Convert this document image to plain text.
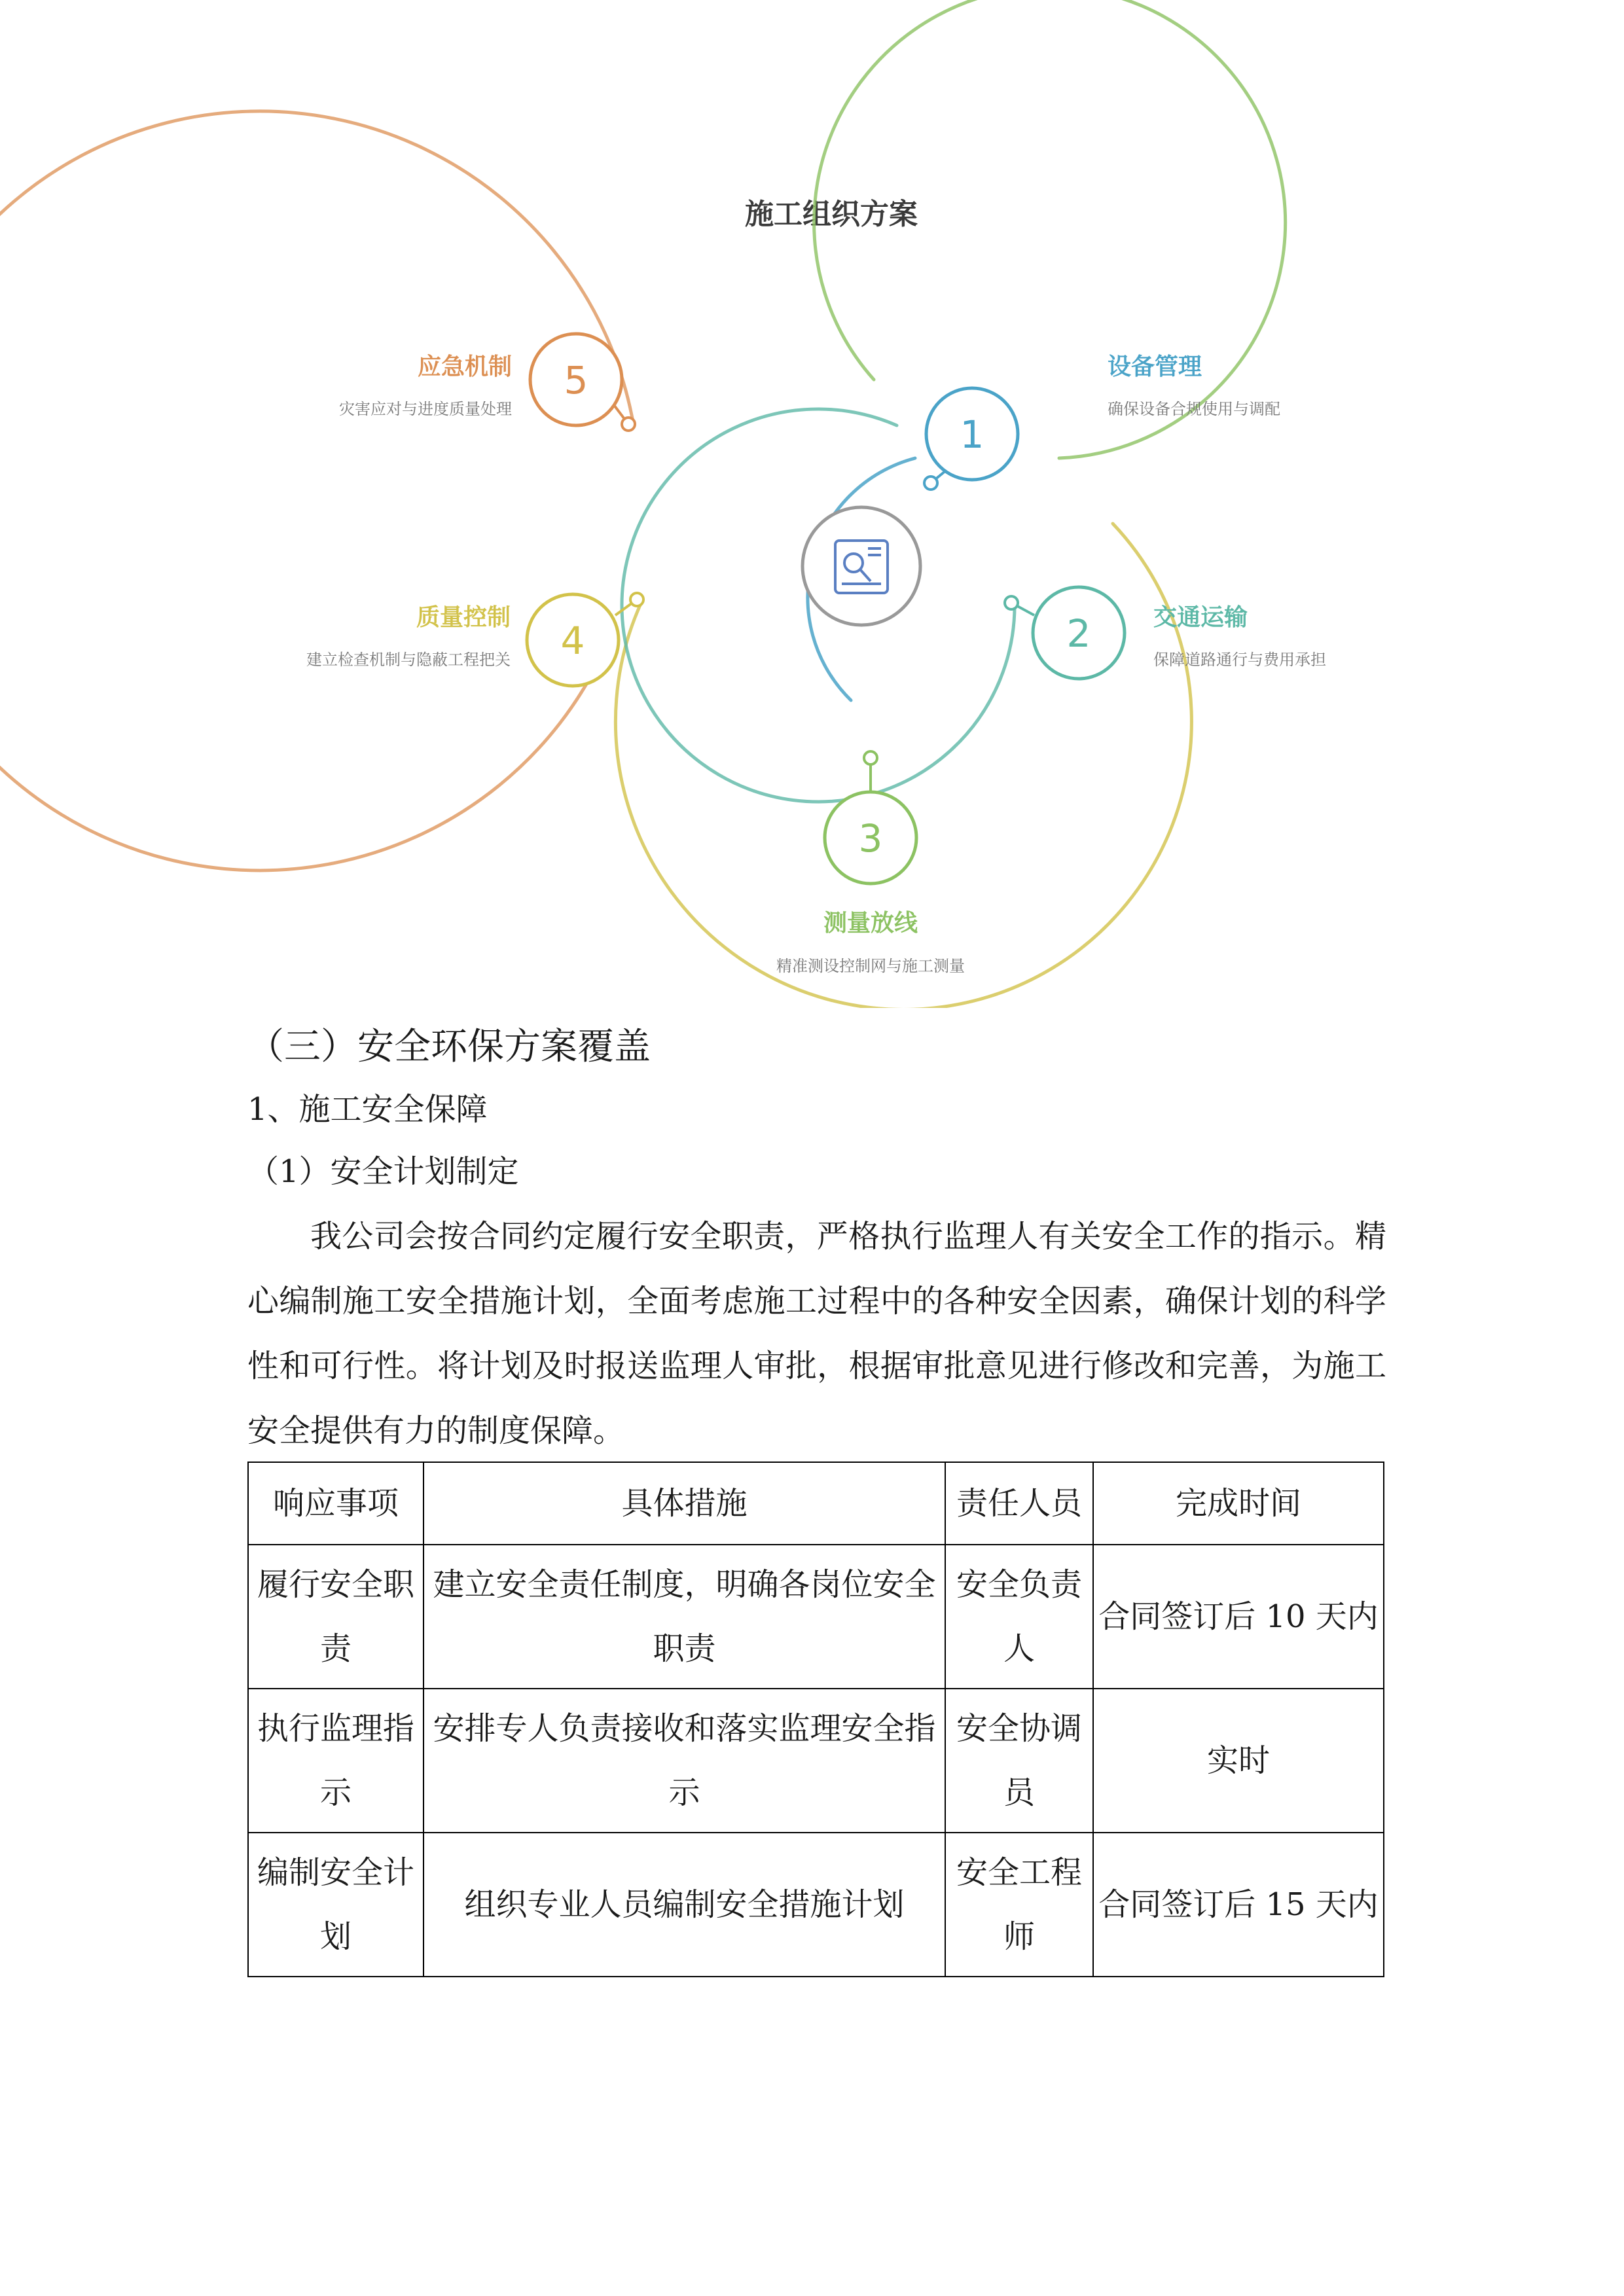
施工组织方案
1
设备管理
确保设备合规使用与调配
2	交通运输
保障道路通行与费用承担
3
测量放线
精准测设控制网与施工测量
4
质量控制
建立检查机制与隐蔽工程把关
5
应急机制
灾害应对与进度质量处理
（三）安全环保方案覆盖

1、施工安全保障

（1）安全计划制定

我公司会按合同约定履行安全职责，严格执行监理人有关安全工作的指示。精心编制施工安全措施计划，全面考虑施工过程中的各种安全因素，确保计划的科学性和可行性。将计划及时报送监理人审批，根据审批意见进行修改和完善，为施工安全提供有力的制度保障。

响应事项	具体措施	责任人员	完成时间
履行安全职责	建立安全责任制度，明确各岗位安全职责	安全负责人	合同签订后 10 天内
执行监理指示	安排专人负责接收和落实监理安全指示	安全协调员	实时
编制安全计划	组织专业人员编制安全措施计划	安全工程师	合同签订后 15 天内
